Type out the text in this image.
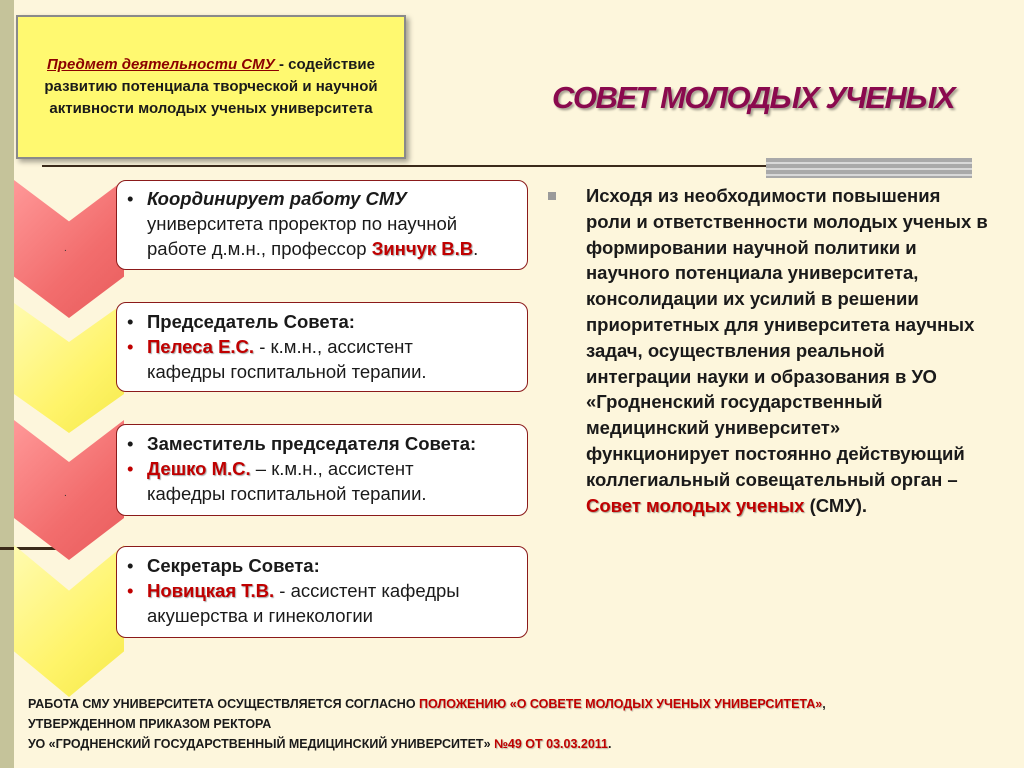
Предмет деятельности СМУ - содействие развитию потенциала творческой и научной активности молодых ученых университета	СОВЕТ МОЛОДЫХ УЧЕНЫХ
.
.
• Координирует работу СМУ
университета проректор по научной
работе д.м.н., профессор Зинчук В.В.
• Председатель Совета:
• Пелеса Е.С. - к.м.н., ассистент
кафедры госпитальной терапии.
• Заместитель председателя Совета:
• Дешко М.С. – к.м.н., ассистент
кафедры госпитальной терапии.
• Секретарь Совета:
• Новицкая Т.В. - ассистент кафедры
акушерства и гинекологии
Исходя из необходимости повышения роли и ответственности молодых ученых в формировании научной политики и научного потенциала университета, консолидации их усилий в решении приоритетных для университета научных задач, осуществления реальной интеграции науки и образования в УО «Гродненский государственный медицинский университет» функционирует постоянно действующий коллегиальный совещательный орган – Совет молодых ученых (СМУ).
РАБОТА СМУ УНИВЕРСИТЕТА ОСУЩЕСТВЛЯЕТСЯ СОГЛАСНО ПОЛОЖЕНИЮ «О СОВЕТЕ МОЛОДЫХ УЧЕНЫХ УНИВЕРСИТЕТА»,
УТВЕРЖДЕННОМ ПРИКАЗОМ РЕКТОРА
УО «ГРОДНЕНСКИЙ ГОСУДАРСТВЕННЫЙ МЕДИЦИНСКИЙ УНИВЕРСИТЕТ» №49 ОТ 03.03.2011.
